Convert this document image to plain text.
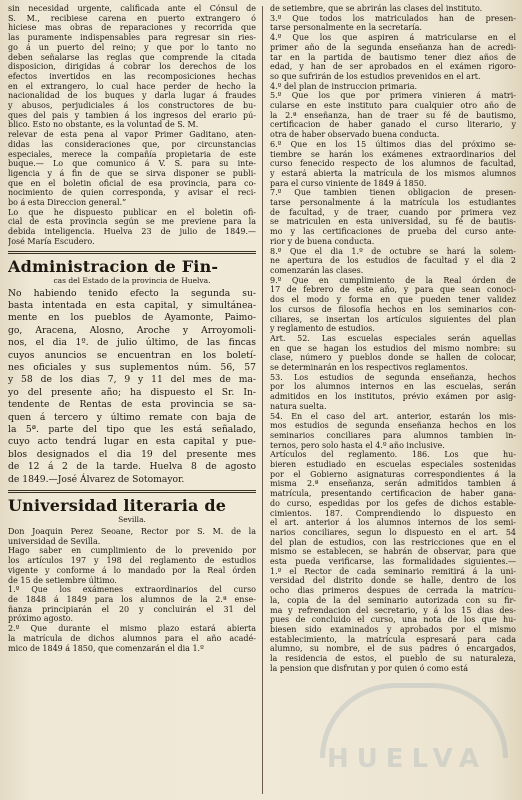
sin necesidad urgente, calificada ante el Cónsul de

S. M., recibiese carena en puerto extrangero ó

hiciese mas obras de reparaciones y recorrida que

las puramente indispensables para regresar sin ries-

go á un puerto del reino; y que por lo tanto no

deben señalarse las reglas que comprende la citada

disposicion, dirigidas á cobrar los derechos de los

efectos invertidos en las recomposiciones hechas

en el extrangero, lo cual hace perder de hecho la

nacionalidad de los buques y darla lugar á fraudes

y abusos, perjudiciales á los constructores de bu-

ques del pais y tambien á los ingresos del erario pú-

blico. Esto no obstante, es la voluntad de S. M.

relevar de esta pena al vapor Primer Gaditano, aten-

didas las consideraciones que, por circunstancias

especiales, merece la compañía propietaria de este

buque.— Lo que comunico á V. S. para su inte-

ligencia y á fin de que se sirva disponer se publi-

que en el boletin oficial de esa provincia, para co-

nocimiento de quien corresponda, y avisar el reci-

bo á esta Direccion general.”

Lo que he dispuesto publicar en el boletin ofi-

cial de esta provincia según se me previene para la

debida inteligencia. Huelva 23 de julio de 1849.—

José María Escudero.

Administracion de Fin-
cas del Estado de la provincia de Huelva.

No habiendo tenido efecto la segunda su-

basta intentada en esta capital, y simultánea-

mente en los pueblos de Ayamonte, Paimo-

go, Aracena, Alosno, Aroche y Arroyomoli-

nos, el dia 1º. de julio último, de las fincas

cuyos anuncios se encuentran en los boletí-

nes oficiales y sus suplementos núm. 56, 57

y 58 de los dias 7, 9 y 11 del mes de ma-

yo del presente año; ha dispuesto el Sr. In-

tendente de Rentas de esta provincia se sa-

quen á tercero y último remate con baja de

la 5ª. parte del tipo que les está señalado,

cuyo acto tendrá lugar en esta capital y pue-

blos designados el dia 19 del presente mes

de 12 á 2 de la tarde. Huelva 8 de agosto

de 1849.—José Álvarez de Sotomayor.

Universidad literaria de
Sevilla.

Don Joaquin Perez Seoane, Rector por S. M. de la

universidad de Sevilla.

Hago saber en cumplimiento de lo prevenido por

los artículos 197 y 198 del reglamento de estudios

vigente y conforme á lo mandado por la Real órden

de 15 de setiembre último.

1.º Que los exámenes extraordinarios del curso

de 1848 á 1849 para los alumnos de la 2.ª ense-

ñanza principiarán el 20 y concluirán el 31 del

próximo agosto.

2.º Que durante el mismo plazo estará abierta

la matrícula de dichos alumnos para el año acadé-

mico de 1849 á 1850, que comenzarán el dia 1.º

de setiembre, que se abrirán las clases del instituto.

3.º Que todos los matriculados han de presen-

tarse personalmente en la secretaría.

4.º Que los que aspiren á matricularse en el

primer año de la segunda enseñanza han de acredi-

tar en la partida de bautismo tener diez años de

edad, y han de ser aprobados en el exámen rigoro-

so que sufrirán de los estudios prevenidos en el art.

4.º del plan de instruccion primaria.

5.º Que los que por primera vinieren á matri-

cularse en este instituto para cualquier otro año de

la 2.ª enseñanza, han de traer su fé de bautismo,

certificacion de haber ganado el curso literario, y

otra de haber observado buena conducta.

6.º Que en los 15 últimos dias del próximo se-

tiembre se harán los exámenes extraordinarios del

curso fenecido respecto de los alumnos de facultad,

y estará abierta la matrícula de los mismos alumnos

para el curso viniente de 1849 á 1850.

7.º Que tambien tienen obligacion de presen-

tarse personalmente á la matrícula los estudiantes

de facultad, y de traer, cuando por primera vez

se matriculen en esta universidad, su fé de bautis-

mo y las certificaciones de prueba del curso ante-

rior y de buena conducta.

8.º Que el dia 1.º de octubre se hará la solem-

ne apertura de los estudios de facultad y el dia 2

comenzarán las clases.

9.º Que en cumplimiento de la Real órden de

17 de febrero de este año, y para que sean conoci-

dos el modo y forma en que pueden tener validez

los cursos de filosofía hechos en los seminarios con-

ciliares, se insertan los artículos siguientes del plan

y reglamento de estudios.

Art. 52. Las escuelas especiales serán aquellas

en que se hagan los estudios del mismo nombre: su

clase, número y pueblos donde se hallen de colocar,

se determinarán en los respectivos reglamentos.

53. Los estudios de segunda enseñanza, hechos

por los alumnos internos en las escuelas, serán

admitidos en los institutos, prévio exámen por asig-

natura suelta.

54. En el caso del art. anterior, estarán los mis-

mos estudios de segunda enseñanza hechos en los

seminarios conciliares para alumnos tambien in-

ternos, pero solo hasta el 4.º año inclusive.

Artículos del reglamento. 186. Los que hu-

bieren estudiado en escuelas especiales sostenidas

por el Gobierno asignaturas correspondientes á la

misma 2.ª enseñanza, serán admitidos tambien á

matrícula, presentando certificacion de haber gana-

do curso, espedidas por los gefes de dichos estable-

cimientos. 187. Comprendiendo lo dispuesto en

el art. anterior á los alumnos internos de los semi-

narios conciliares, segun lo dispuesto en el art. 54

del plan de estudios, con las restricciones que en el

mismo se establecen, se habrán de observar, para que

esta pueda verificarse, las formalidades siguientes.—

1.º el Rector de cada seminario remitirá á la uni-

versidad del distrito donde se halle, dentro de los

ocho dias primeros despues de cerrada la matrícu-

la, copia de la del seminario autorizada con su fir-

ma y refrendacion del secretario, y á los 15 dias des-

pues de concluido el curso, una nota de los que hu-

biesen sido examinados y aprobados por el mismo

establecimiento, la matrícula espresará para cada

alumno, su nombre, el de sus padres ó encargados,

la residencia de estos, el pueblo de su naturaleza,

la pension que disfrutan y por quien ó como está

HUELVA
